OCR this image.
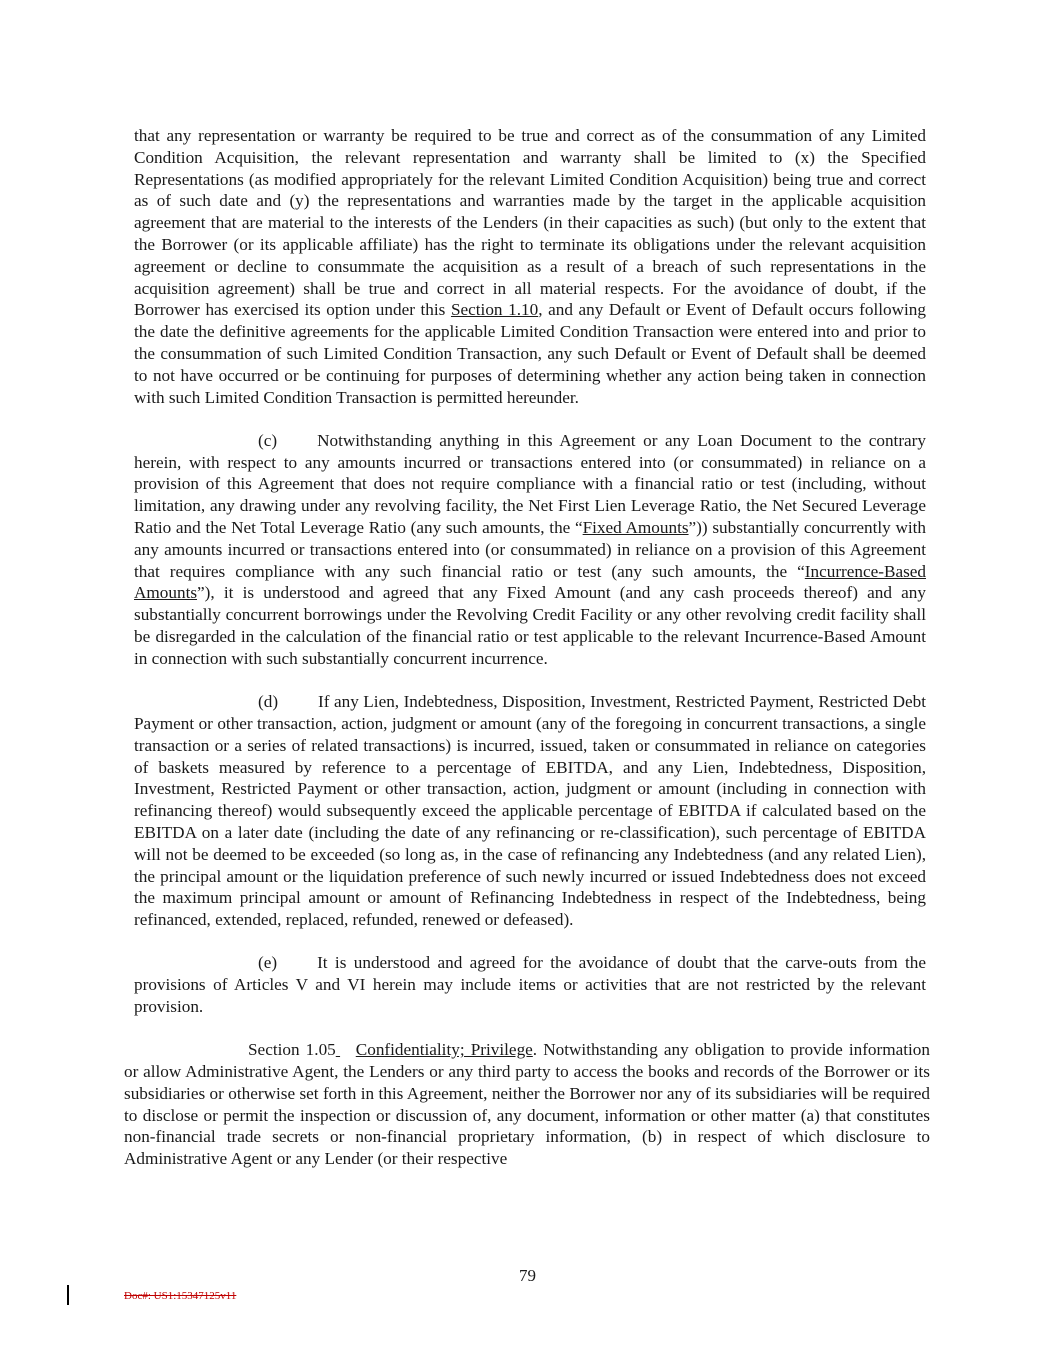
that any representation or warranty be required to be true and correct as of the consummation of any Limited Condition Acquisition, the relevant representation and warranty shall be limited to (x) the Specified Representations (as modified appropriately for the relevant Limited Condition Acquisition) being true and correct as of such date and (y) the representations and warranties made by the target in the applicable acquisition agreement that are material to the interests of the Lenders (in their capacities as such) (but only to the extent that the Borrower (or its applicable affiliate) has the right to terminate its obligations under the relevant acquisition agreement or decline to consummate the acquisition as a result of a breach of such representations in the acquisition agreement) shall be true and correct in all material respects. For the avoidance of doubt, if the Borrower has exercised its option under this Section 1.10, and any Default or Event of Default occurs following the date the definitive agreements for the applicable Limited Condition Transaction were entered into and prior to the consummation of such Limited Condition Transaction, any such Default or Event of Default shall be deemed to not have occurred or be continuing for purposes of determining whether any action being taken in connection with such Limited Condition Transaction is permitted hereunder.

(c) Notwithstanding anything in this Agreement or any Loan Document to the contrary herein, with respect to any amounts incurred or transactions entered into (or consummated) in reliance on a provision of this Agreement that does not require compliance with a financial ratio or test (including, without limitation, any drawing under any revolving facility, the Net First Lien Leverage Ratio, the Net Secured Leverage Ratio and the Net Total Leverage Ratio (any such amounts, the “Fixed Amounts”)) substantially concurrently with any amounts incurred or transactions entered into (or consummated) in reliance on a provision of this Agreement that requires compliance with any such financial ratio or test (any such amounts, the “Incurrence-Based Amounts”), it is understood and agreed that any Fixed Amount (and any cash proceeds thereof) and any substantially concurrent borrowings under the Revolving Credit Facility or any other revolving credit facility shall be disregarded in the calculation of the financial ratio or test applicable to the relevant Incurrence-Based Amount in connection with such substantially concurrent incurrence.

(d) If any Lien, Indebtedness, Disposition, Investment, Restricted Payment, Restricted Debt Payment or other transaction, action, judgment or amount (any of the foregoing in concurrent transactions, a single transaction or a series of related transactions) is incurred, issued, taken or consummated in reliance on categories of baskets measured by reference to a percentage of EBITDA, and any Lien, Indebtedness, Disposition, Investment, Restricted Payment or other transaction, action, judgment or amount (including in connection with refinancing thereof) would subsequently exceed the applicable percentage of EBITDA if calculated based on the EBITDA on a later date (including the date of any refinancing or re-classification), such percentage of EBITDA will not be deemed to be exceeded (so long as, in the case of refinancing any Indebtedness (and any related Lien), the principal amount or the liquidation preference of such newly incurred or issued Indebtedness does not exceed the maximum principal amount or amount of Refinancing Indebtedness in respect of the Indebtedness, being refinanced, extended, replaced, refunded, renewed or defeased).

(e) It is understood and agreed for the avoidance of doubt that the carve-outs from the provisions of Articles V and VI herein may include items or activities that are not restricted by the relevant provision.

Section 1.05 Confidentiality; Privilege. Notwithstanding any obligation to provide information or allow Administrative Agent, the Lenders or any third party to access the books and records of the Borrower or its subsidiaries or otherwise set forth in this Agreement, neither the Borrower nor any of its subsidiaries will be required to disclose or permit the inspection or discussion of, any document, information or other matter (a) that constitutes non-financial trade secrets or non-financial proprietary information, (b) in respect of which disclosure to Administrative Agent or any Lender (or their respective

79
Doc#: US1:15347125v11
